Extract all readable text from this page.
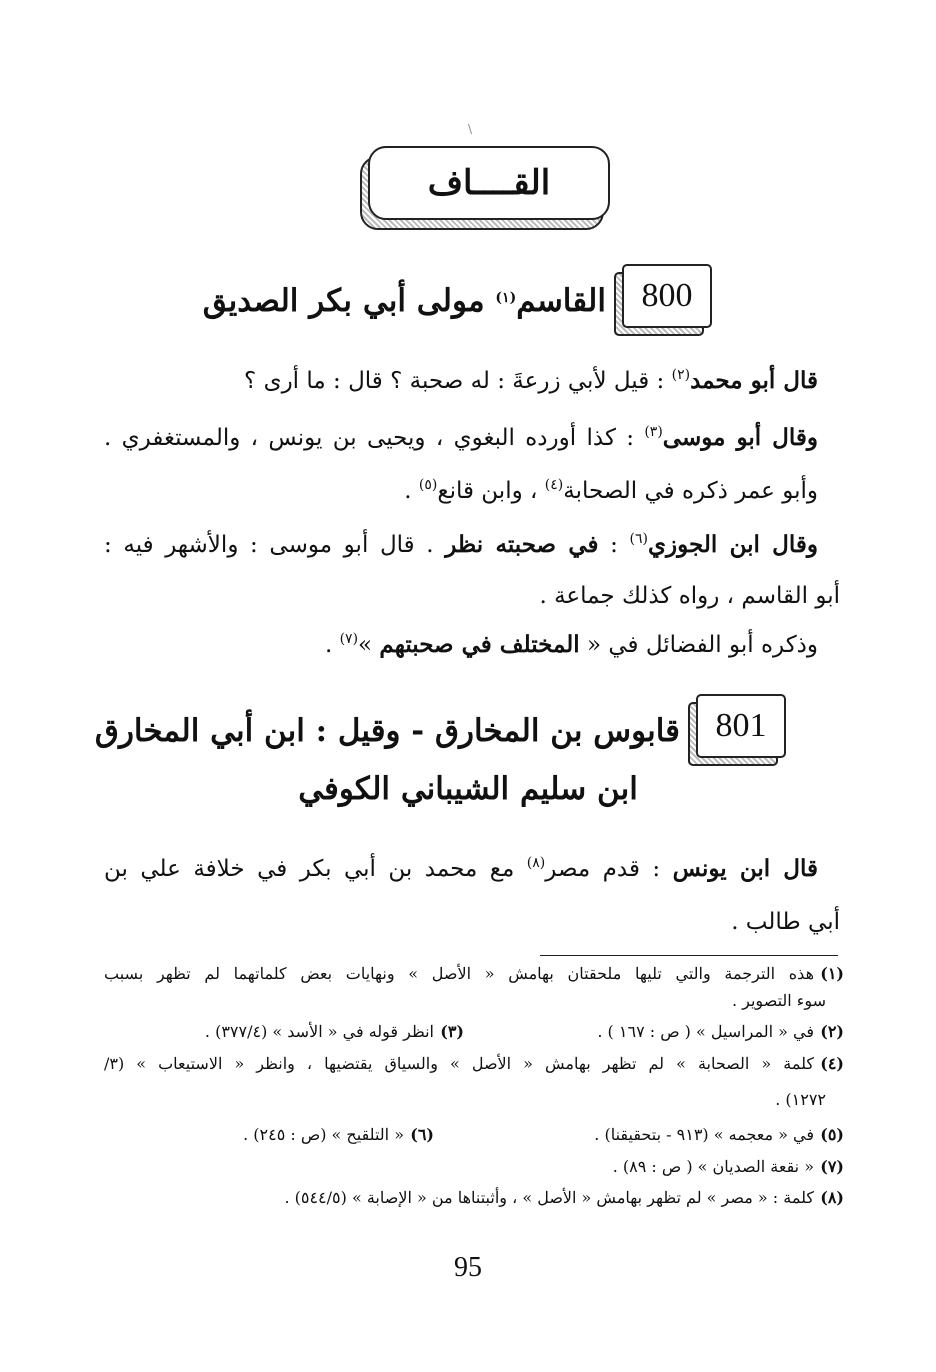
\
القــــاف
800
القاسم$^{(١)}$ مولى أبي بكر الصديق
قال أبو محمد$^{(٢)}$ : قيل لأبي زرعةَ : له صحبة ؟ قال : ما أرى ؟
وقال أبو موسى$^{(٣)}$ : كذا أورده البغوي ، ويحيى بن يونس ، والمستغفري .
وأبو عمر ذكره في الصحابة$^{(٤)}$ ، وابن قانع$^{(٥)}$ .
وقال ابن الجوزي$^{(٦)}$ : في صحبته نظر . قال أبو موسى : والأشهر فيه :
أبو القاسم ، رواه كذلك جماعة .
وذكره أبو الفضائل في « المختلف في صحبتهم »$^{(٧)}$ .
801
قابوس بن المخارق - وقيل : ابن أبي المخارق
ابن سليم الشيباني الكوفي
قال ابن يونس : قدم مصر$^{(٨)}$ مع محمد بن أبي بكر في خلافة علي بن
أبي طالب .
(١)هذه الترجمة والتي تليها ملحقتان بهامش « الأصل » ونهايات بعض كلماتهما لم تظهر بسبب
سوء التصوير .
(٢)في « المراسيل » ( ص : ١٦٧ ) .
(٣)انظر قوله في « الأسد » (٣٧٧/٤) .
(٤)كلمة « الصحابة » لم تظهر بهامش « الأصل » والسياق يقتضيها ، وانظر « الاستيعاب » (٣/
١٢٧٢) .
(٥)في « معجمه » (٩١٣ - بتحقيقنا) .
(٦)« التلقيح » (ص : ٢٤٥) .
(٧)« نقعة الصديان » ( ص : ٨٩) .
(٨)كلمة : « مصر » لم تظهر بهامش « الأصل » ، وأثبتناها من « الإصابة » (٥٤٤/٥) .
95
